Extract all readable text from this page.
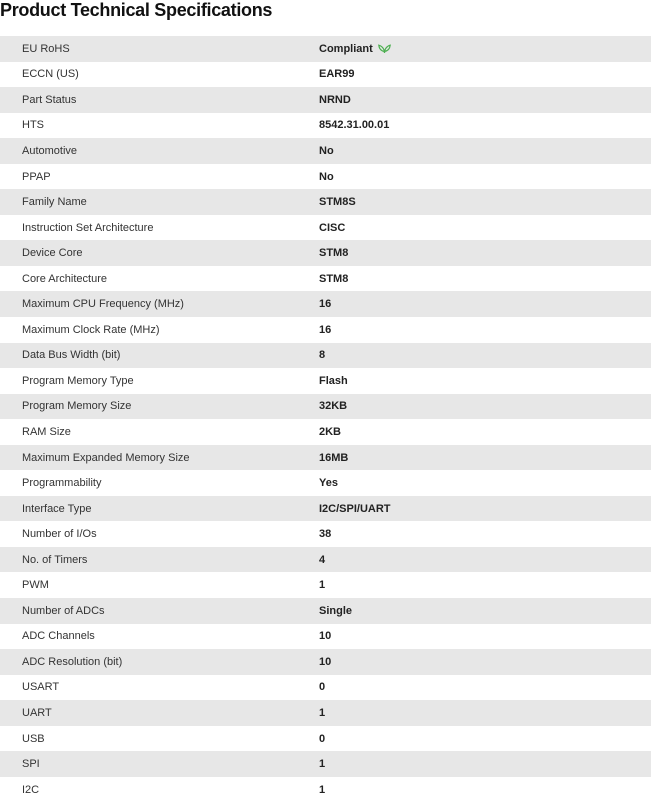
Product Technical Specifications
EU RoHS	Compliant
ECCN (US)	EAR99
Part Status	NRND
HTS	8542.31.00.01
Automotive	No
PPAP	No
Family Name	STM8S
Instruction Set Architecture	CISC
Device Core	STM8
Core Architecture	STM8
Maximum CPU Frequency (MHz)	16
Maximum Clock Rate (MHz)	16
Data Bus Width (bit)	8
Program Memory Type	Flash
Program Memory Size	32KB
RAM Size	2KB
Maximum Expanded Memory Size	16MB
Programmability	Yes
Interface Type	I2C/SPI/UART
Number of I/Os	38
No. of Timers	4
PWM	1
Number of ADCs	Single
ADC Channels	10
ADC Resolution (bit)	10
USART	0
UART	1
USB	0
SPI	1
I2C	1
